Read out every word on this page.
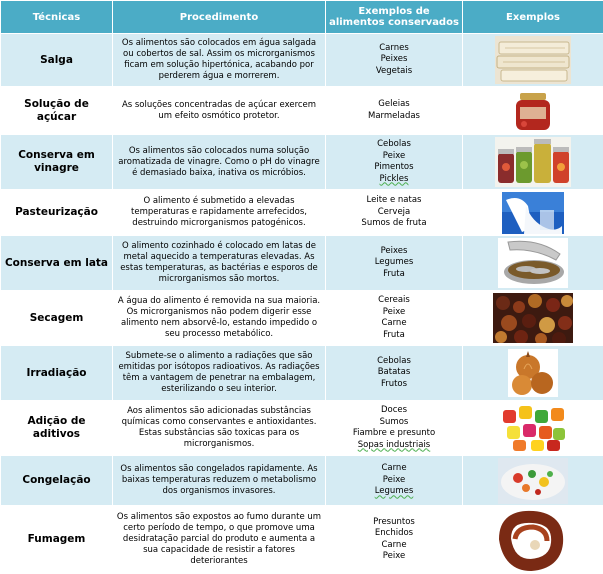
Técnicas	Procedimento	Exemplos de alimentos conservados	Exemplos
Salga	Os alimentos são colocados em água salgada ou cobertos de sal. Assim os microrganismos ficam em solução hipertónica, acabando por perderem água e morrerem.	Carnes
Peixes
Vegetais

Solução de açúcar	As soluções concentradas de açúcar exercem um efeito osmótico protetor.	Geleias
Marmeladas

Conserva em vinagre	Os alimentos são colocados numa solução aromatizada de vinagre. Como o pH do vinagre é demasiado baixa, inativa os micróbios.	Cebolas
Peixe
Pimentos
Pickles

Pasteurização	O alimento é submetido a elevadas temperaturas e rapidamente arrefecidos, destruindo microrganismos patogénicos.	Leite e natas
Cerveja
Sumos de fruta

Conserva em lata	O alimento cozinhado é colocado em latas de metal aquecido a temperaturas elevadas. As estas temperaturas, as bactérias e esporos de microrganismos são mortos.	Peixes
Legumes
Fruta

Secagem	A água do alimento é removida na sua maioria. Os microrganismos não podem digerir esse alimento nem absorvê-lo, estando impedido o seu processo metabólico.	Cereais
Peixe
Carne
Fruta

Irradiação	Submete-se o alimento a radiações que são emitidas por isótopos radioativos. As radiações têm a vantagem de penetrar na embalagem, esterilizando o seu interior.	Cebolas
Batatas
Frutos

Adição de aditivos	Aos alimentos são adicionadas substâncias químicas como conservantes e antioxidantes. Estas substâncias são toxicas para os microrganismos.	Doces
Sumos
Fiambre e presunto
Sopas industriais

Congelação	Os alimentos são congelados rapidamente. As baixas temperaturas reduzem o metabolismo dos organismos invasores.	Carne
Peixe
Legumes

Fumagem	Os alimentos são expostos ao fumo durante um certo período de tempo, o que promove uma desidratação parcial do produto e aumenta a sua capacidade de resistir a fatores deteriorantes	Presuntos
Enchidos
Carne
Peixe
